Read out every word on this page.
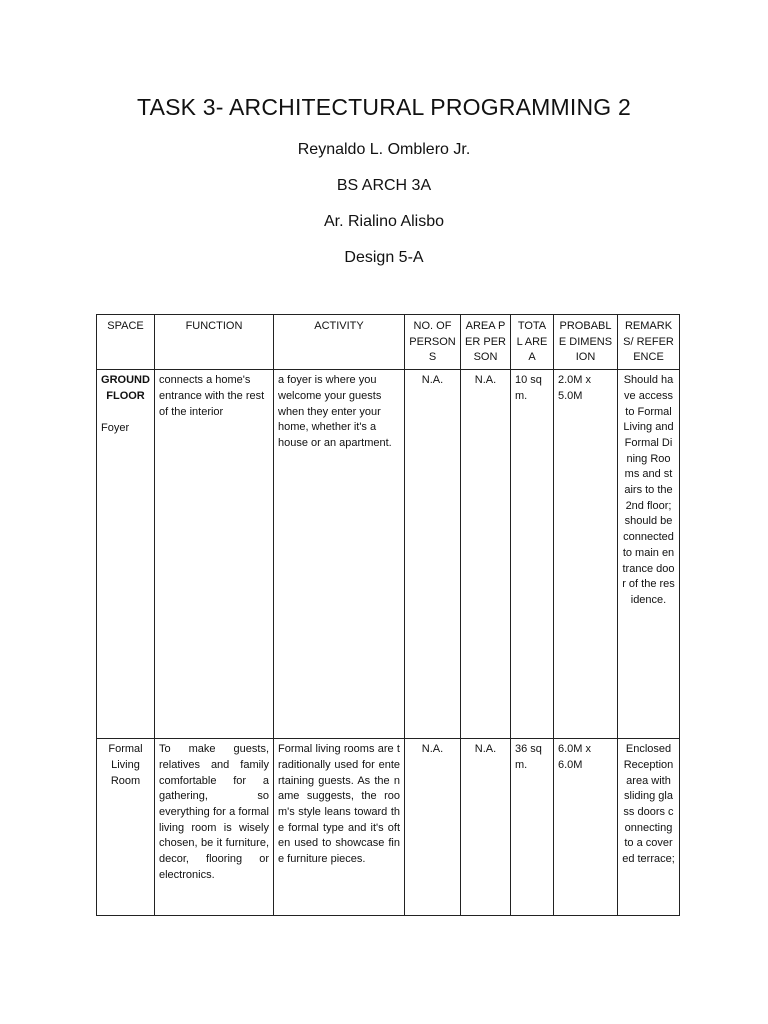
TASK 3- ARCHITECTURAL PROGRAMMING 2
Reynaldo L. Omblero Jr.
BS ARCH 3A
Ar. Rialino Alisbo
Design 5-A
SPACE	FUNCTION	ACTIVITY	NO. OF PERSONS	AREA PER PERSON	TOTAL AREA	PROBABLE DIMENSION	REMARKS/ REFERENCE

GROUND FLOOR
Foyer	connects a home's entrance with the rest of the interior	a foyer is where you welcome your guests when they enter your home, whether it's a house or an apartment.	N.A.	N.A.	10 sqm.	2.0M x 5.0M	Should have access to Formal Living and Formal Dining Rooms and stairs to the 2nd floor; should be connected to main entrance door of the residence.
Formal Living Room	To make guests, relatives and family comfortable for a gathering, so everything for a formal living room is wisely chosen, be it furniture, decor, flooring or electronics.	Formal living rooms are traditionally used for entertaining guests. As the name suggests, the room's style leans toward the formal type and it's often used to showcase fine furniture pieces.	N.A.	N.A.	36 sqm.	6.0M x 6.0M	Enclosed Reception area with sliding glass doors connecting to a covered terrace;
